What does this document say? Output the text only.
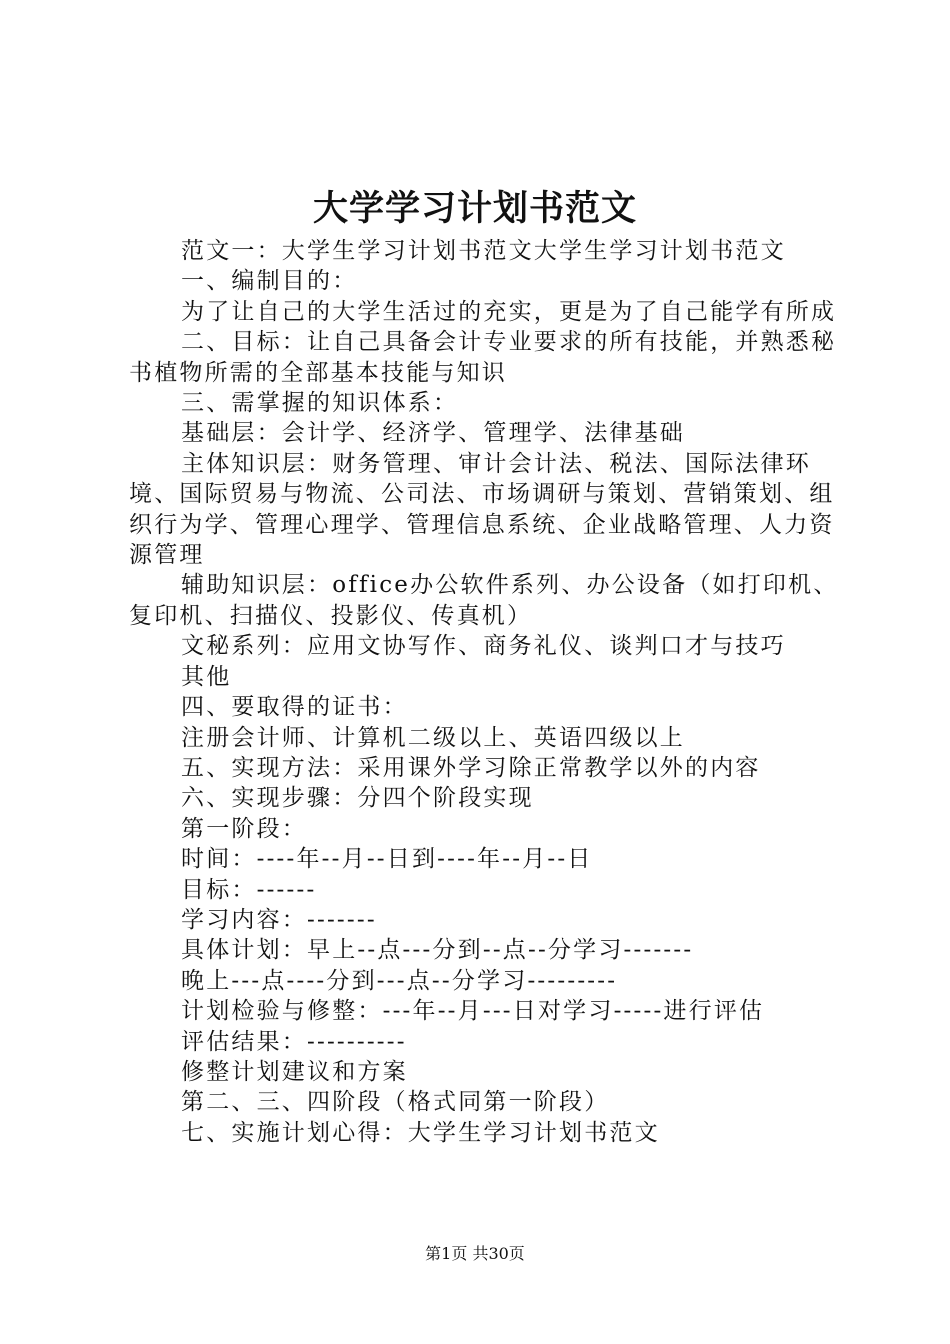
大学学习计划书范文

范文一：大学生学习计划书范文大学生学习计划书范文

一、编制目的：

为了让自己的大学生活过的充实，更是为了自己能学有所成

二、目标：让自己具备会计专业要求的所有技能，并熟悉秘书植物所需的全部基本技能与知识

三、需掌握的知识体系：

基础层：会计学、经济学、管理学、法律基础

主体知识层：财务管理、审计会计法、税法、国际法律环境、国际贸易与物流、公司法、市场调研与策划、营销策划、组织行为学、管理心理学、管理信息系统、企业战略管理、人力资源管理

辅助知识层：office办公软件系列、办公设备（如打印机、复印机、扫描仪、投影仪、传真机）

文秘系列：应用文协写作、商务礼仪、谈判口才与技巧

其他

四、要取得的证书：

注册会计师、计算机二级以上、英语四级以上

五、实现方法：采用课外学习除正常教学以外的内容

六、实现步骤：分四个阶段实现

第一阶段：

时间：----年--月--日到----年--月--日

目标：------

学习内容：-------

具体计划：早上--点---分到--点--分学习-------

晚上---点----分到---点--分学习---------

计划检验与修整：---年--月---日对学习-----进行评估

评估结果：----------

修整计划建议和方案

第二、三、四阶段（格式同第一阶段）

七、实施计划心得：大学生学习计划书范文

第1页 共30页
